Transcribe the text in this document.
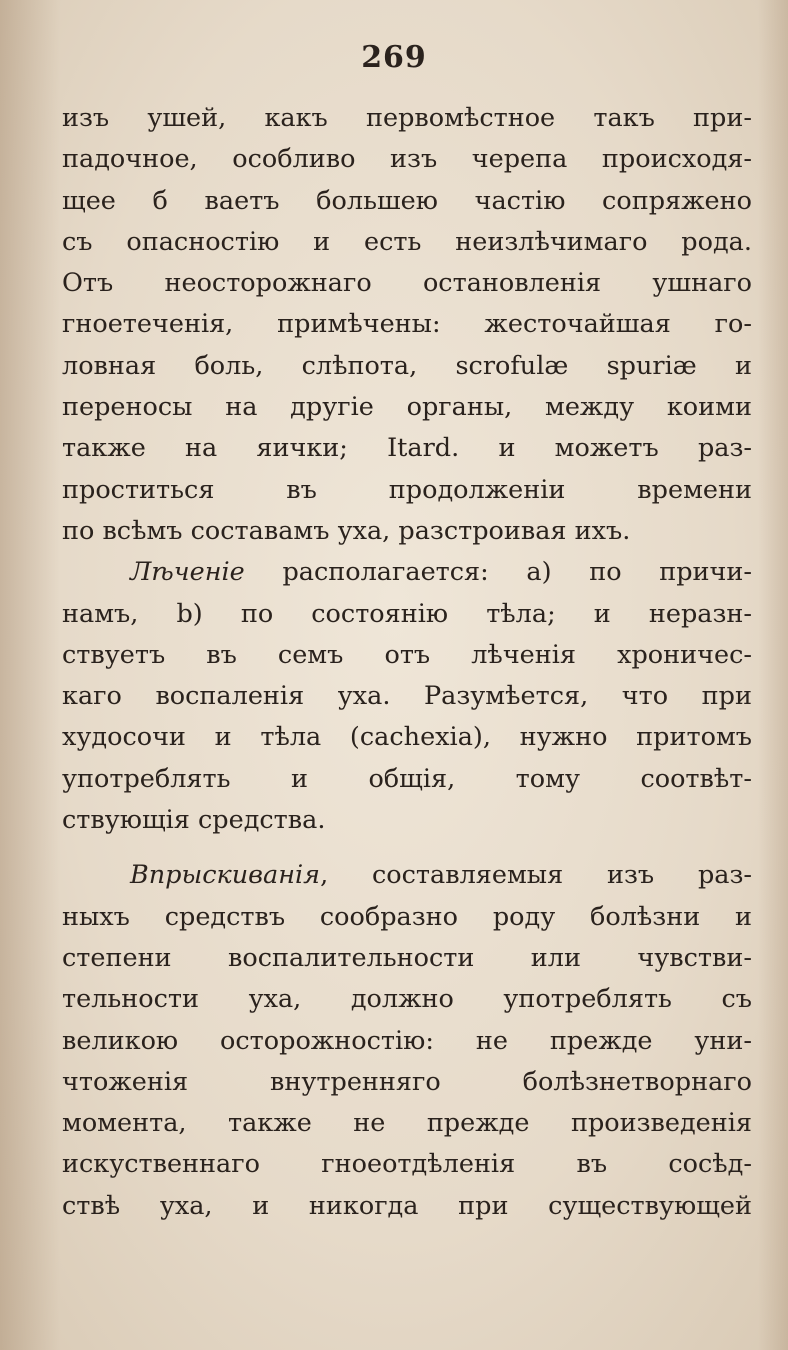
269
изъ ушей, какъ первомѣстное такъ при-
падочное, особливо изъ черепа происходя-
щее б ваетъ большею частію сопряжено
съ опасностію и есть неизлѣчимаго рода.
Отъ неосторожнаго остановленія ушнаго
гноетеченія, примѣчены: жесточайшая го-
ловная боль, слѣпота, scrofulæ spuriæ и
переносы на другіе органы, между коими
также на яички; Itard. и можетъ раз-
проститься въ продолженіи времени
по всѣмъ составамъ уха, разстроивая ихъ.
Лѣченіе располагается: a) по причи-
намъ, b) по состоянію тѣла; и неразн-
ствуетъ въ семъ отъ лѣченія хроничес-
каго воспаленія уха. Разумѣется, что при
худосочи и тѣла (cachexia), нужно притомъ
употреблять и общія, тому соотвѣт-
ствующія средства.
Впрыскиванія, составляемыя изъ раз-
ныхъ средствъ сообразно роду болѣзни и
степени воспалительности или чувстви-
тельности уха, должно употреблять съ
великою осторожностію: не прежде уни-
чтоженія внутренняго болѣзнетворнаго
момента, также не прежде произведенія
искуственнаго гноеотдѣленія въ сосѣд-
ствѣ уха, и никогда при существующей
